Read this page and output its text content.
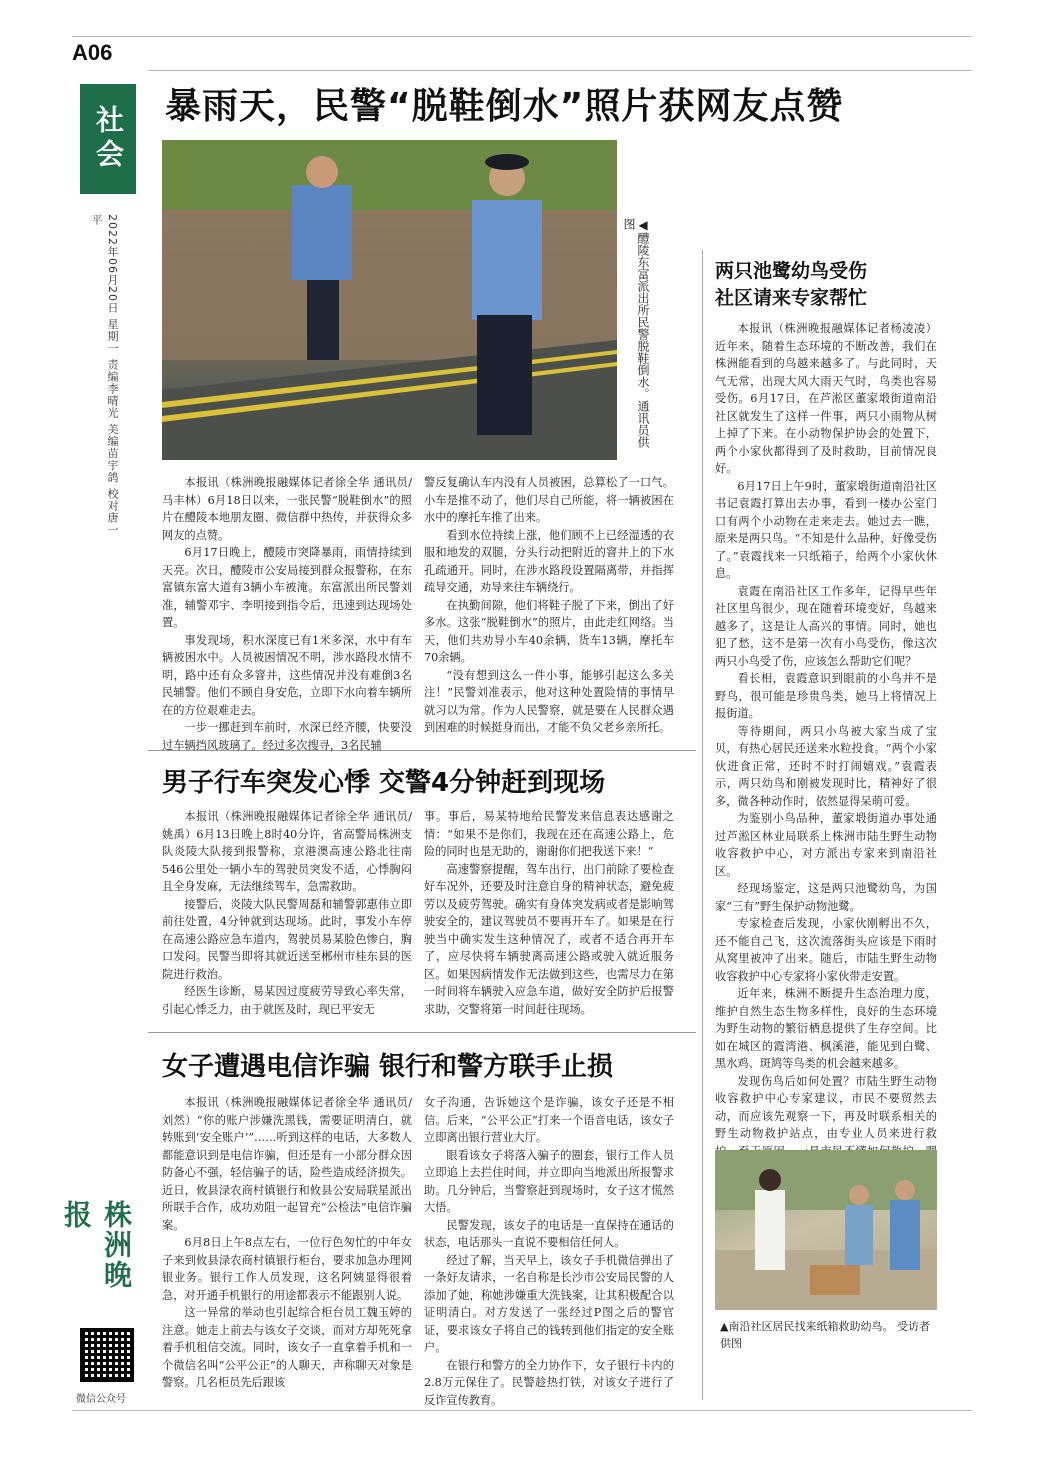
A06
社会
2022年06月20日 星期一 责编李晴光 美编苗宇鸽 校对唐一平
株洲晚报
微信公众号
暴雨天，民警“脱鞋倒水”照片获网友点赞
◀醴陵东富派出所民警脱鞋倒水。通讯员供图

本报讯（株洲晚报融媒体记者徐全华 通讯员/马丰林）6月18日以来，一张民警“脱鞋倒水”的照片在醴陵本地朋友圈、微信群中热传，并获得众多网友的点赞。

6月17日晚上，醴陵市突降暴雨，雨情持续到天亮。次日，醴陵市公安局接到群众报警称，在东富镇东富大道有3辆小车被淹。东富派出所民警刘准，辅警邓宇、李明接到指令后，迅速到达现场处置。

事发现场，积水深度已有1米多深，水中有车辆被困水中。人员被困情况不明，涉水路段水情不明，路中还有众多窨井，这些情况并没有难倒3名民辅警。他们不顾自身安危，立即下水向着车辆所在的方位艰难走去。

一步一挪赶到车前时，水深已经齐腰，快要没过车辆挡风玻璃了。经过多次搜寻，3名民辅

警反复确认车内没有人员被困，总算松了一口气。小车是推不动了，他们尽自己所能，将一辆被困在水中的摩托车推了出来。

看到水位持续上涨，他们顾不上已经湿透的衣服和地发的双腿，分头行动把附近的窨井上的下水孔疏通开。同时，在涉水路段设置隔离带，并指挥疏导交通，劝导来往车辆绕行。

在执勤间隙，他们将鞋子脱了下来，倒出了好多水。这张“脱鞋倒水”的照片，由此走红网络。当天，他们共劝导小车40余辆，货车13辆，摩托车70余辆。

“没有想到这么一件小事，能够引起这么多关注！”民警刘准表示，他对这种处置险情的事情早就习以为常。作为人民警察，就是要在人民群众遇到困难的时候挺身而出，才能不负父老乡亲所托。

男子行车突发心悸 交警4分钟赶到现场

本报讯（株洲晚报融媒体记者徐全华 通讯员/姚禹）6月13日晚上8时40分许，省高警局株洲支队炎陵大队接到报警称，京港澳高速公路北往南546公里处一辆小车的驾驶员突发不适，心悸胸闷且全身发麻，无法继续驾车，急需救助。

接警后，炎陵大队民警周磊和辅警郭惠伟立即前往处置，4分钟就到达现场。此时，事发小车停在高速公路应急车道内，驾驶员易某脸色惨白，胸口发闷。民警当即将其就近送至郴州市桂东县的医院进行救治。

经医生诊断，易某因过度疲劳导致心率失常，引起心悸乏力，由于就医及时，现已平安无

事。事后，易某特地给民警发来信息表达感谢之情：“如果不是你们，我现在还在高速公路上，危险的同时也是无助的，谢谢你们把我送下来！”

高速警察提醒，驾车出行，出门前除了要检查好车况外，还要及时注意自身的精神状态，避免疲劳以及疲劳驾驶。确实有身体突发病或者是影响驾驶安全的，建议驾驶员不要再开车了。如果是在行驶当中确实发生这种情况了，或者不适合再开车了，应尽快将车辆驶离高速公路或驶入就近服务区。如果因病情发作无法做到这些，也需尽力在第一时间将车辆驶入应急车道，做好安全防护后报警求助，交警将第一时间赶往现场。

女子遭遇电信诈骗 银行和警方联手止损

本报讯（株洲晚报融媒体记者徐全华 通讯员/刘然）“你的账户涉嫌洗黑钱，需要证明清白，就转账到‘安全账户’”……听到这样的电话，大多数人都能意识到是电信诈骗，但还是有一小部分群众因防备心不强，轻信骗子的话，险些造成经济损失。近日，攸县渌农商村镇银行和攸县公安局联星派出所联手合作，成功劝阻一起冒充“公检法”电信诈骗案。

6月8日上午8点左右，一位行色匆忙的中年女子来到攸县渌农商村镇银行柜台，要求加急办理网银业务。银行工作人员发现，这名阿姨显得很着急，对开通手机银行的用途都表示不能跟别人说。

这一异常的举动也引起综合柜台员工魏玉婷的注意。她走上前去与该女子交谈，而对方却死死拿着手机租信交流。同时，该女子一直拿着手机和一个微信名叫“公平公正”的人聊天，声称聊天对象是警察。几名柜员先后跟该

女子沟通，告诉她这个是诈骗，该女子还是不相信。后来，“公平公正”打来一个语音电话，该女子立即离出银行营业大厅。

眼看该女子将落入骗子的圈套，银行工作人员立即追上去拦住时间，并立即向当地派出所报警求助。几分钟后，当警察赶到现场时，女子这才慌然大悟。

民警发现，该女子的电话是一直保持在通话的状态，电话那头一直说不要相信任何人。

经过了解，当天早上，该女子手机微信弹出了一条好友请求，一名自称是长沙市公安局民警的人添加了她，称她涉嫌重大洗钱案，让其积极配合以证明清白。对方发送了一张经过P图之后的警官证，要求该女子将自己的钱转到他们指定的安全账户。

在银行和警方的全力协作下，女子银行卡内的2.8万元保住了。民警趁热打铁，对该女子进行了反诈宣传教育。

两只池鹭幼鸟受伤
社区请来专家帮忙

本报讯（株洲晚报融媒体记者杨凌凌）近年来，随着生态环境的不断改善，我们在株洲能看到的鸟越来越多了。与此同时，天气无常，出现大风大雨天气时，鸟类也容易受伤。6月17日，在芦淞区董家塅街道南沿社区就发生了这样一件事，两只小雨物从树上掉了下来。在小动物保护协会的处置下，两个小家伙都得到了及时救助，目前情况良好。

6月17日上午9时，董家塅街道南沿社区书记袁霞打算出去办事，看到一楼办公室门口有两个小动物在走来走去。她过去一瞧，原来是两只鸟。“不知是什么品种，好像受伤了。”袁霞找来一只纸箱子，给两个小家伙休息。

袁霞在南沿社区工作多年，记得早些年社区里鸟很少，现在随着环境变好，鸟越来越多了，这是让人高兴的事情。同时，她也犯了愁，这不是第一次有小鸟受伤，像这次两只小鸟受了伤，应该怎么帮助它们呢？

看长相，袁霞意识到眼前的小鸟并不是野鸟，很可能是珍贵鸟类，她马上将情况上报街道。

等待期间，两只小鸟被大家当成了宝贝，有热心居民还送来水粒投食。“两个小家伙进食正常，还时不时打闹嬉戏。”袁霞表示，两只幼鸟和刚被发现时比，精神好了很多，微各种动作时，依然显得呆萌可爱。

为鉴别小鸟品种，董家塅街道办事处通过芦淞区林业局联系上株洲市陆生野生动物收容救护中心，对方派出专家来到南沿社区。

经现场鉴定，这是两只池鹭幼鸟，为国家“三有”野生保护动物池鹭。

专家检查后发现，小家伙刚孵出不久，还不能自己飞，这次流落街头应该是下雨时从窝里被冲了出来。随后，市陆生野生动物收容救护中心专家将小家伙带走安置。

近年来，株洲不断提升生态治理力度，维护自然生态生物多样性，良好的生态环境为野生动物的繁衍栖息提供了生存空间。比如在城区的霞湾港、枫溪港，能见到白鹭、黑水鸡、斑鸠等鸟类的机会越来越多。

发现伤鸟后如何处置？市陆生野生动物收容救护中心专家建议，市民不要贸然去动，而应该先观察一下，再及时联系相关的野生动物救护站点，由专业人员来进行救

▲南沿社区居民找来纸箱救助幼鸟。 受访者供图
